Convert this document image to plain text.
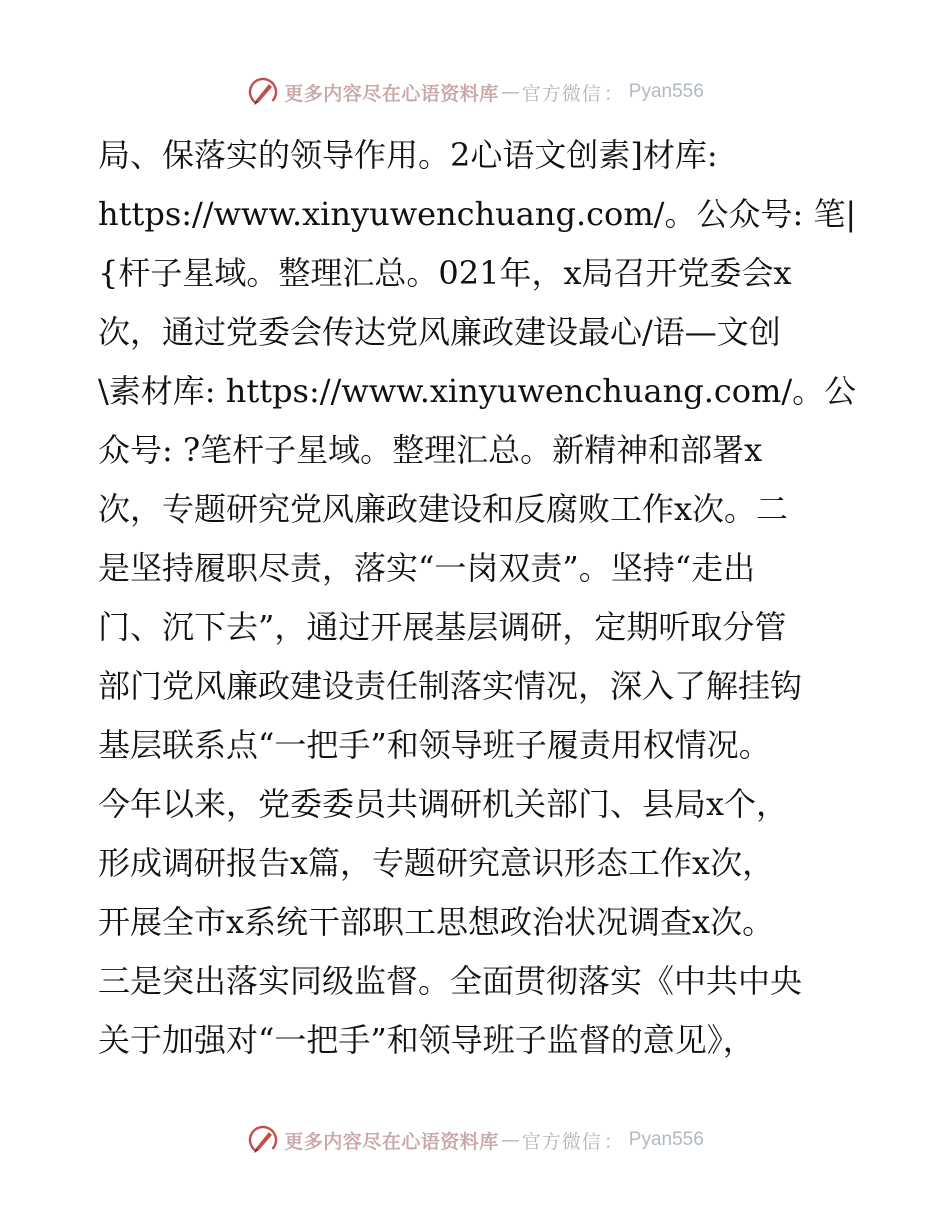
更多内容尽在心语资料库 — 官方微信 ： Pyan556
局、保落实的领导作用。2心语文创素]材库:
https://www.xinyuwenchuang.com/。公众号: 笔|
{杆子星域。整理汇总。021年，x局召开党委会x
次，通过党委会传达党风廉政建设最心/语—文创
\素材库: https://www.xinyuwenchuang.com/。公
众号: ?笔杆子星域。整理汇总。新精神和部署x
次，专题研究党风廉政建设和反腐败工作x次。二
是坚持履职尽责，落实“一岗双责”。坚持“走出
门、沉下去”，通过开展基层调研，定期听取分管
部门党风廉政建设责任制落实情况，深入了解挂钩
基层联系点“一把手”和领导班子履责用权情况。
今年以来，党委委员共调研机关部门、县局x个，
形成调研报告x篇，专题研究意识形态工作x次，
开展全市x系统干部职工思想政治状况调查x次。
三是突出落实同级监督。全面贯彻落实《中共中央
关于加强对“一把手”和领导班子监督的意见》，
更多内容尽在心语资料库 — 官方微信 ： Pyan556
